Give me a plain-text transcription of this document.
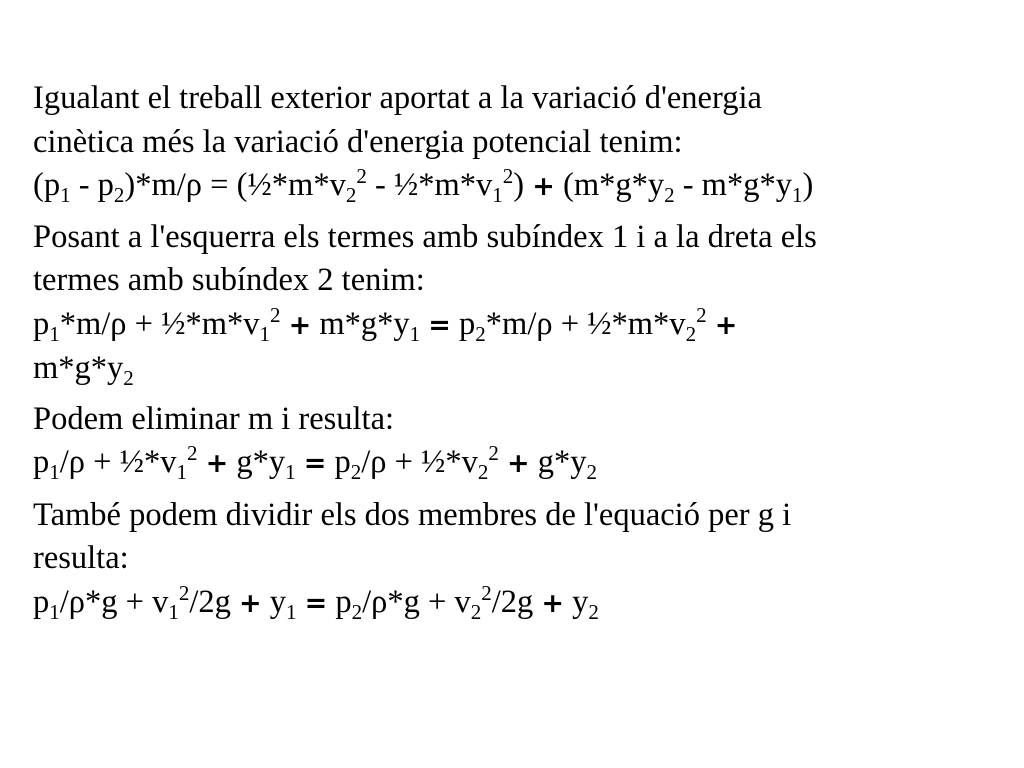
Igualant el treball exterior aportat a la variació d'energia
cinètica més la variació d'energia potencial tenim:
$(p_1 - p_2)*m/\rho$ = ($\frac{1}{2}*m*v_2^2$ - $\frac{1}{2}*m*v_1^2) + (m*g*y_2 - m*g*y_1)$
Posant a l'esquerra els termes amb subíndex 1 i a la dreta els
termes amb subíndex 2 tenim:
$p_1*m/\rho$ + $\frac{1}{2}*m*v_1^2 + m*g*y_1 = p_2*m/\rho$ + $\frac{1}{2}*m*v_2^2$ +
$m*g*y_2$
Podem eliminar m i resulta:
$p_1/\rho$ + $\frac{1}{2}*v_1^2 + g*y_1 = p_2/\rho$ + $\frac{1}{2}*v_2^2 + g*y_2$
També podem dividir els dos membres de l'equació per g i
resulta:
$p_1/\rho*g + v_1^2/2g + y_1 = p_2/\rho*g + v_2^2/2g + y_2$
